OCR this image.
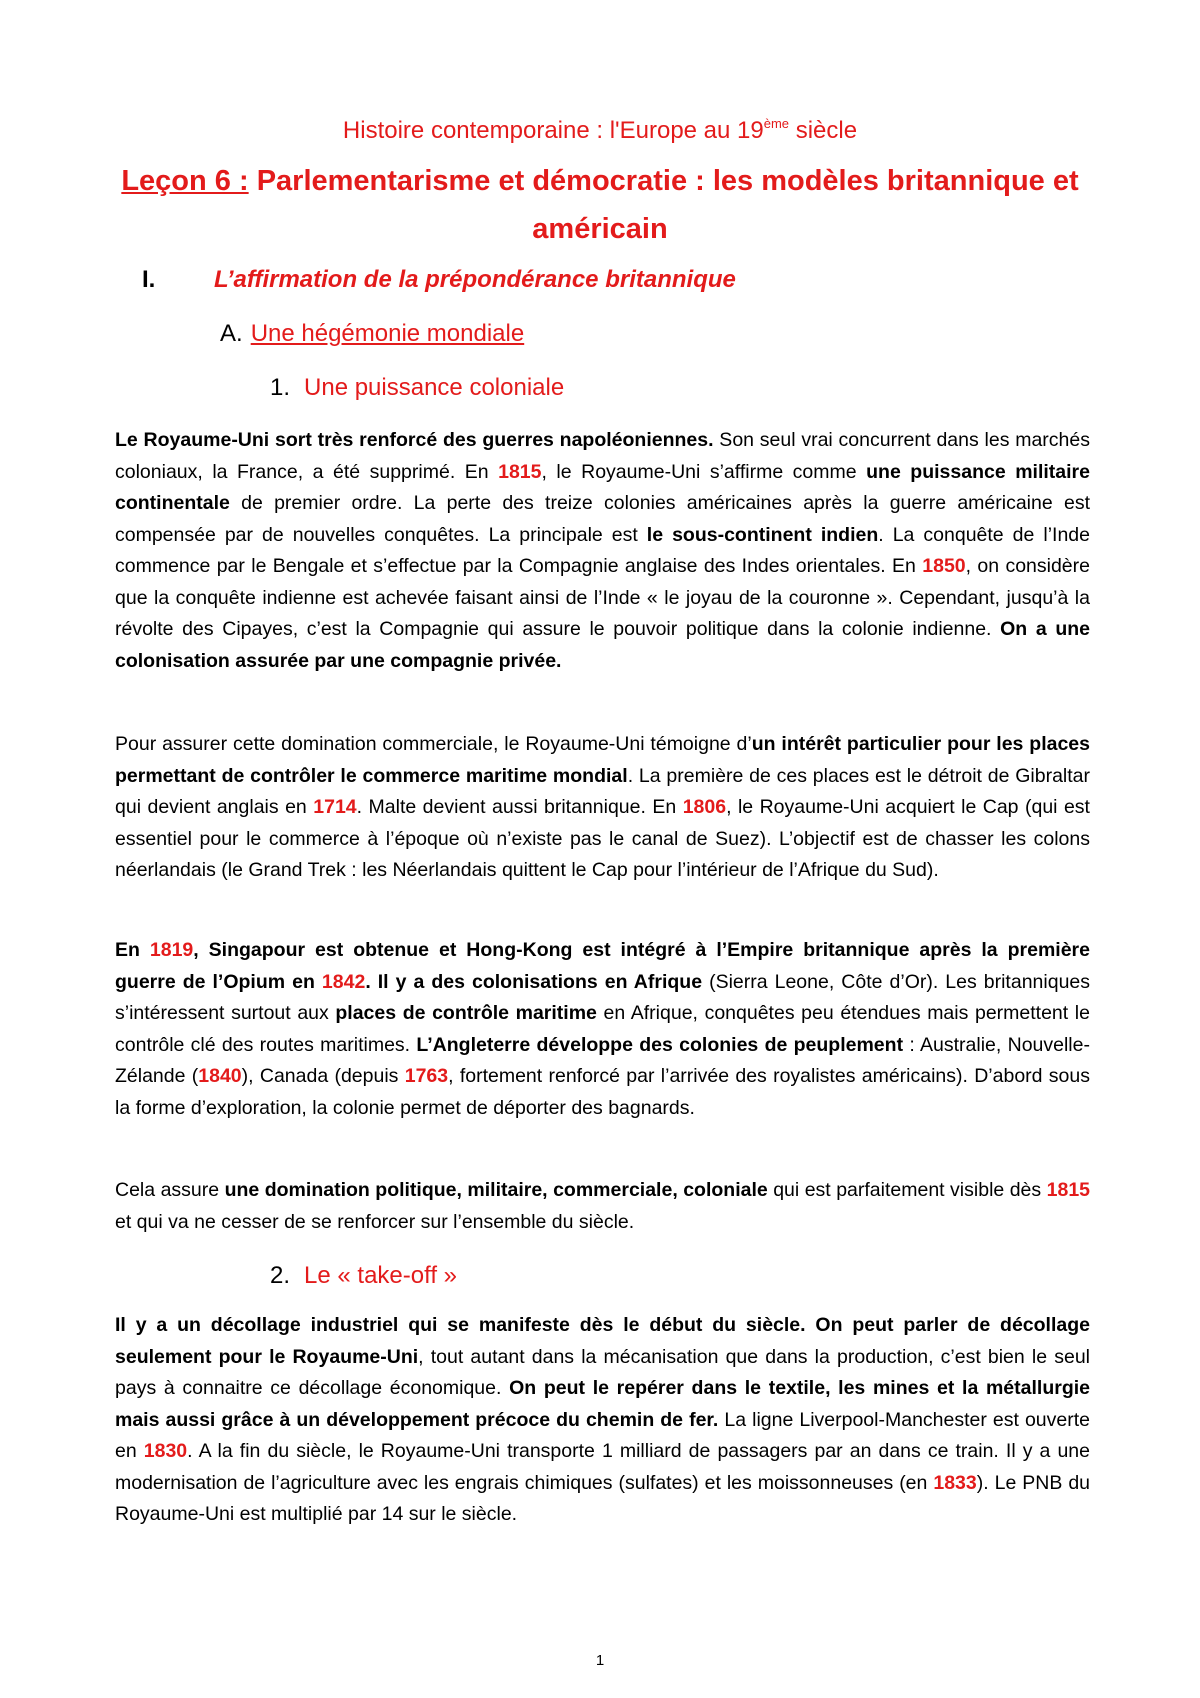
Histoire contemporaine : l'Europe au 19ème siècle
Leçon 6 : Parlementarisme et démocratie : les modèles britannique et américain
I. L’affirmation de la prépondérance britannique
A. Une hégémonie mondiale
1. Une puissance coloniale
Le Royaume-Uni sort très renforcé des guerres napoléoniennes. Son seul vrai concurrent dans les marchés coloniaux, la France, a été supprimé. En 1815, le Royaume-Uni s’affirme comme une puissance militaire continentale de premier ordre. La perte des treize colonies américaines après la guerre américaine est compensée par de nouvelles conquêtes. La principale est le sous-continent indien. La conquête de l’Inde commence par le Bengale et s’effectue par la Compagnie anglaise des Indes orientales. En 1850, on considère que la conquête indienne est achevée faisant ainsi de l’Inde « le joyau de la couronne ». Cependant, jusqu’à la révolte des Cipayes, c’est la Compagnie qui assure le pouvoir politique dans la colonie indienne. On a une colonisation assurée par une compagnie privée.
Pour assurer cette domination commerciale, le Royaume-Uni témoigne d’un intérêt particulier pour les places permettant de contrôler le commerce maritime mondial. La première de ces places est le détroit de Gibraltar qui devient anglais en 1714. Malte devient aussi britannique. En 1806, le Royaume-Uni acquiert le Cap (qui est essentiel pour le commerce à l’époque où n’existe pas le canal de Suez). L’objectif est de chasser les colons néerlandais (le Grand Trek : les Néerlandais quittent le Cap pour l’intérieur de l’Afrique du Sud).
En 1819, Singapour est obtenue et Hong-Kong est intégré à l’Empire britannique après la première guerre de l’Opium en 1842. Il y a des colonisations en Afrique (Sierra Leone, Côte d’Or). Les britanniques s’intéressent surtout aux places de contrôle maritime en Afrique, conquêtes peu étendues mais permettent le contrôle clé des routes maritimes. L’Angleterre développe des colonies de peuplement : Australie, Nouvelle-Zélande (1840), Canada (depuis 1763, fortement renforcé par l’arrivée des royalistes américains). D’abord sous la forme d’exploration, la colonie permet de déporter des bagnards.
Cela assure une domination politique, militaire, commerciale, coloniale qui est parfaitement visible dès 1815 et qui va ne cesser de se renforcer sur l’ensemble du siècle.
2. Le « take-off »
Il y a un décollage industriel qui se manifeste dès le début du siècle. On peut parler de décollage seulement pour le Royaume-Uni, tout autant dans la mécanisation que dans la production, c’est bien le seul pays à connaitre ce décollage économique. On peut le repérer dans le textile, les mines et la métallurgie mais aussi grâce à un développement précoce du chemin de fer. La ligne Liverpool-Manchester est ouverte en 1830. A la fin du siècle, le Royaume-Uni transporte 1 milliard de passagers par an dans ce train. Il y a une modernisation de l’agriculture avec les engrais chimiques (sulfates) et les moissonneuses (en 1833). Le PNB du Royaume-Uni est multiplié par 14 sur le siècle.
1
